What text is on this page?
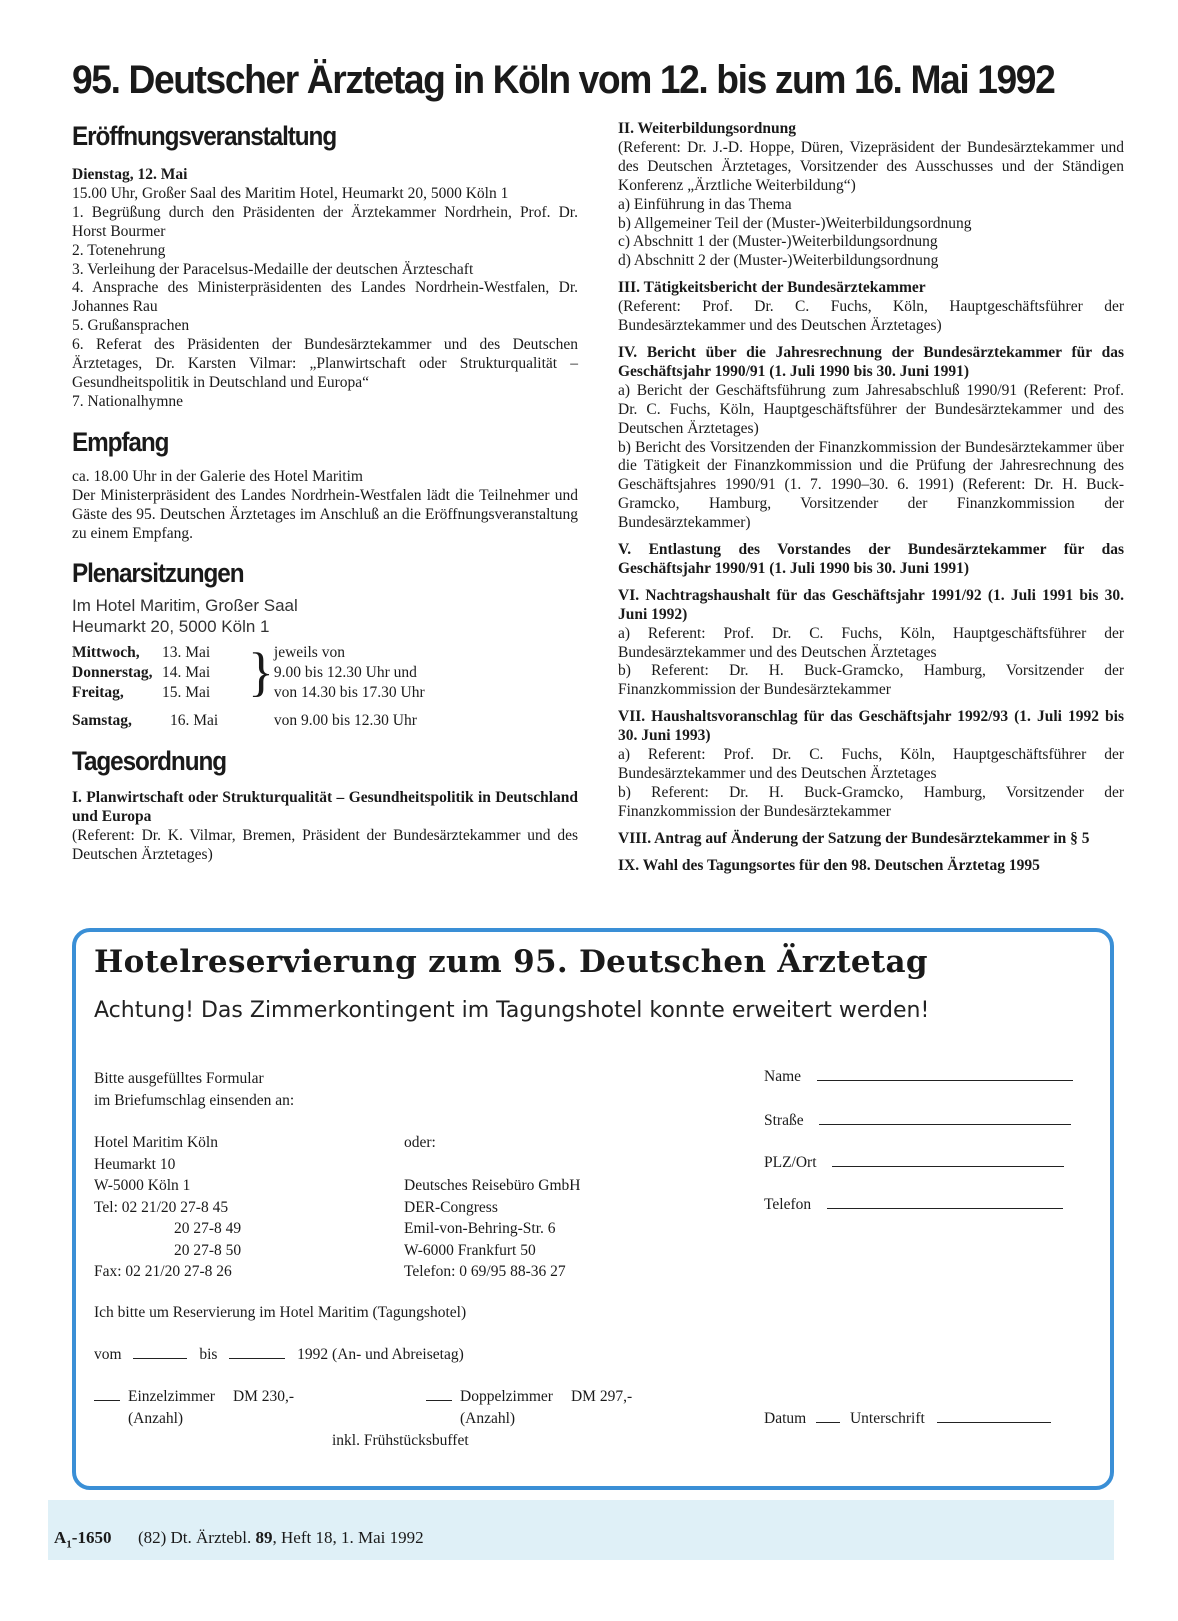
95. Deutscher Ärztetag in Köln vom 12. bis zum 16. Mai 1992
Eröffnungsveranstaltung

Dienstag, 12. Mai

15.00 Uhr, Großer Saal des Maritim Hotel, Heumarkt 20, 5000 Köln 1

1. Begrüßung durch den Präsidenten der Ärztekammer Nordrhein, Prof. Dr. Horst Bourmer

2. Totenehrung

3. Verleihung der Paracelsus-Medaille der deutschen Ärzteschaft

4. Ansprache des Ministerpräsidenten des Landes Nordrhein-Westfalen, Dr. Johannes Rau

5. Grußansprachen

6. Referat des Präsidenten der Bundesärztekammer und des Deutschen Ärztetages, Dr. Karsten Vilmar: „Planwirtschaft oder Strukturqualität – Gesundheitspolitik in Deutschland und Europa“

7. Nationalhymne

Empfang

ca. 18.00 Uhr in der Galerie des Hotel Maritim

Der Ministerpräsident des Landes Nordrhein-Westfalen lädt die Teilnehmer und Gäste des 95. Deutschen Ärztetages im Anschluß an die Eröffnungsveranstaltung zu einem Empfang.

Plenarsitzungen
Im Hotel Maritim, Großer Saal
Heumarkt 20, 5000 Köln 1
Mittwoch,	13. Mai	}	jeweils von
Donnerstag,	14. Mai		9.00 bis 12.30 Uhr und
Freitag,	15. Mai		von 14.30 bis 17.30 Uhr

Samstag,	16. Mai		von 9.00 bis 12.30 Uhr
Tagesordnung

I. Planwirtschaft oder Strukturqualität – Gesundheitspolitik in Deutschland und Europa

(Referent: Dr. K. Vilmar, Bremen, Präsident der Bundesärztekammer und des Deutschen Ärztetages)

II. Weiterbildungsordnung

(Referent: Dr. J.-D. Hoppe, Düren, Vizepräsident der Bundesärztekammer und des Deutschen Ärztetages, Vorsitzender des Ausschusses und der Ständigen Konferenz „Ärztliche Weiterbildung“)

a) Einführung in das Thema

b) Allgemeiner Teil der (Muster-)Weiterbildungsordnung

c) Abschnitt 1 der (Muster-)Weiterbildungsordnung

d) Abschnitt 2 der (Muster-)Weiterbildungsordnung

III. Tätigkeitsbericht der Bundesärztekammer

(Referent: Prof. Dr. C. Fuchs, Köln, Hauptgeschäftsführer der Bundesärztekammer und des Deutschen Ärztetages)

IV. Bericht über die Jahresrechnung der Bundesärztekammer für das Geschäftsjahr 1990/91 (1. Juli 1990 bis 30. Juni 1991)

a) Bericht der Geschäftsführung zum Jahresabschluß 1990/91 (Referent: Prof. Dr. C. Fuchs, Köln, Hauptgeschäftsführer der Bundesärztekammer und des Deutschen Ärztetages)

b) Bericht des Vorsitzenden der Finanzkommission der Bundesärztekammer über die Tätigkeit der Finanzkommission und die Prüfung der Jahresrechnung des Geschäftsjahres 1990/91 (1. 7. 1990–30. 6. 1991) (Referent: Dr. H. Buck-Gramcko, Hamburg, Vorsitzender der Finanzkommission der Bundesärztekammer)

V. Entlastung des Vorstandes der Bundesärztekammer für das Geschäftsjahr 1990/91 (1. Juli 1990 bis 30. Juni 1991)

VI. Nachtragshaushalt für das Geschäftsjahr 1991/92 (1. Juli 1991 bis 30. Juni 1992)

a) Referent: Prof. Dr. C. Fuchs, Köln, Hauptgeschäftsführer der Bundesärztekammer und des Deutschen Ärztetages

b) Referent: Dr. H. Buck-Gramcko, Hamburg, Vorsitzender der Finanzkommission der Bundesärztekammer

VII. Haushaltsvoranschlag für das Geschäftsjahr 1992/93 (1. Juli 1992 bis 30. Juni 1993)

a) Referent: Prof. Dr. C. Fuchs, Köln, Hauptgeschäftsführer der Bundesärztekammer und des Deutschen Ärztetages

b) Referent: Dr. H. Buck-Gramcko, Hamburg, Vorsitzender der Finanzkommission der Bundesärztekammer

VIII. Antrag auf Änderung der Satzung der Bundesärztekammer in § 5

IX. Wahl des Tagungsortes für den 98. Deutschen Ärztetag 1995

Hotelreservierung zum 95. Deutschen Ärztetag
Achtung! Das Zimmerkontingent im Tagungshotel konnte erweitert werden!
Bitte ausgefülltes Formular
im Briefumschlag einsenden an:
Hotel Maritim Köln
Heumarkt 10
W-5000 Köln 1
Tel: 02 21/20 27-8 45
20 27-8 49
20 27-8 50
Fax: 02 21/20 27-8 26
oder:
Deutsches Reisebüro GmbH
DER-Congress
Emil-von-Behring-Str. 6
W-6000 Frankfurt 50
Telefon: 0 69/95 88-36 27
Name
Straße
PLZ/Ort
Telefon
Ich bitte um Reservierung im Hotel Maritim (Tagungshotel)
vom	bis	1992 (An- und Abreisetag)
Einzelzimmer DM 230,-
(Anzahl)
Doppelzimmer DM 297,-
(Anzahl)
inkl. Frühstücksbuffet
Datum	Unterschrift
$A_1-1650$ (82) Dt. Ärztebl. 89, Heft 18, 1. Mai 1992
